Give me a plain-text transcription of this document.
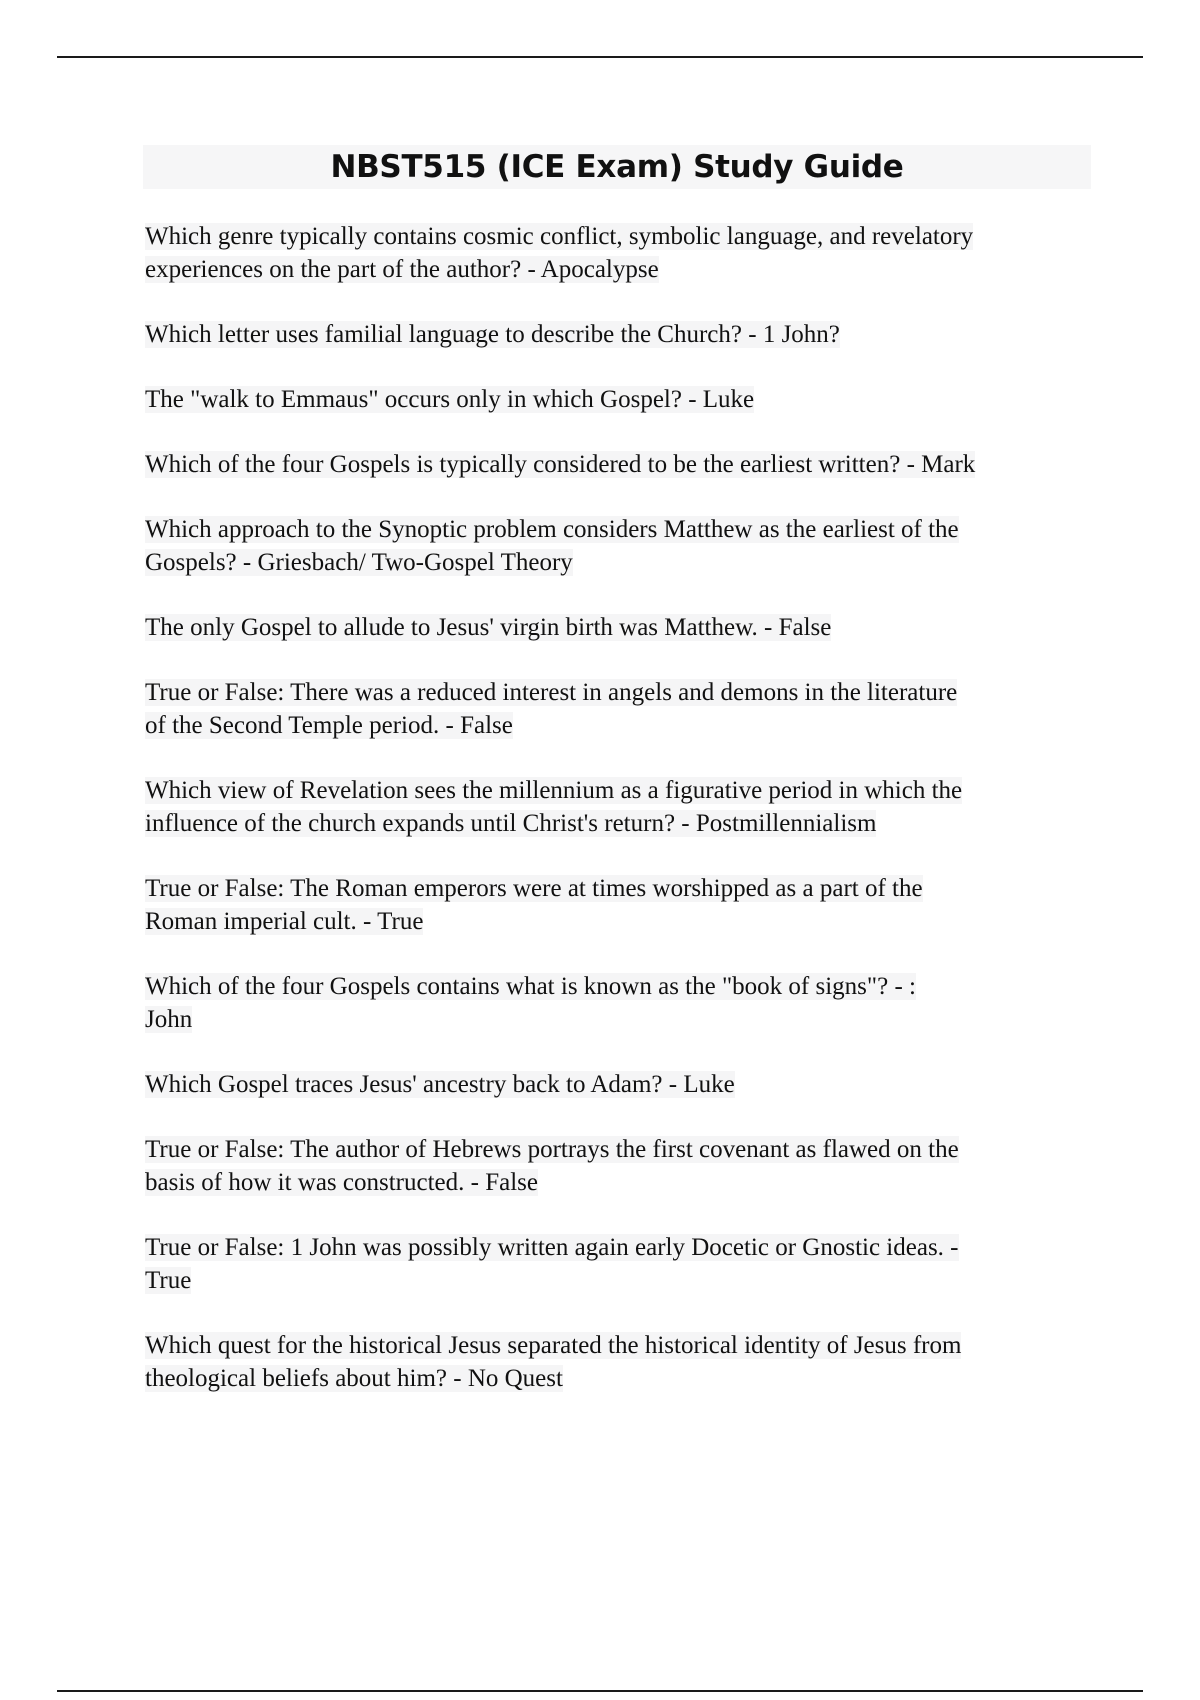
NBST515 (ICE Exam) Study Guide
Which genre typically contains cosmic conflict, symbolic language, and revelatory
experiences on the part of the author? - Apocalypse
Which letter uses familial language to describe the Church? - 1 John?
The "walk to Emmaus" occurs only in which Gospel? - Luke
Which of the four Gospels is typically considered to be the earliest written? - Mark
Which approach to the Synoptic problem considers Matthew as the earliest of the
Gospels? - Griesbach/ Two-Gospel Theory
The only Gospel to allude to Jesus' virgin birth was Matthew. - False
True or False: There was a reduced interest in angels and demons in the literature
of the Second Temple period. - False
Which view of Revelation sees the millennium as a figurative period in which the
influence of the church expands until Christ's return? - Postmillennialism
True or False: The Roman emperors were at times worshipped as a part of the
Roman imperial cult. - True
Which of the four Gospels contains what is known as the "book of signs"? - :
John
Which Gospel traces Jesus' ancestry back to Adam? - Luke
True or False: The author of Hebrews portrays the first covenant as flawed on the
basis of how it was constructed. - False
True or False: 1 John was possibly written again early Docetic or Gnostic ideas. -
True
Which quest for the historical Jesus separated the historical identity of Jesus from
theological beliefs about him? - No Quest
